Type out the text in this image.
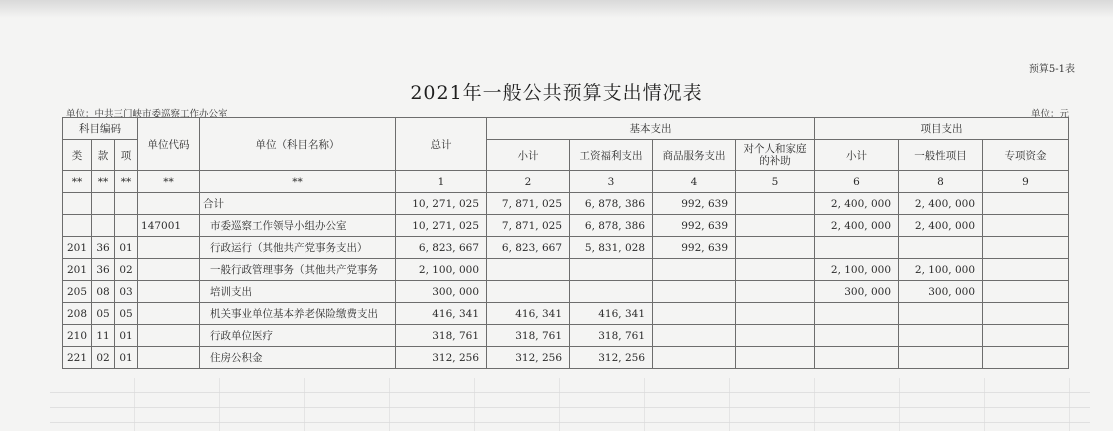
预算5-1表
2021年一般公共预算支出情况表
单位：中共三门峡市委巡察工作办公室	单位：元
科目编码			单位代码	单位（科目名称）	总计	基本支出				项目支出		
类	款	项				小计	工资福利支出	商品服务支出	对个人和家庭的补助	小计	一般性项目	专项资金
**	**	**	**	**	1	2	3	4	5	6	8	9
				合计	10, 271, 025	7, 871, 025	6, 878, 386	992, 639		2, 400, 000	2, 400, 000	
			147001	市委巡察工作领导小组办公室	10, 271, 025	7, 871, 025	6, 878, 386	992, 639		2, 400, 000	2, 400, 000	
201	36	01		行政运行（其他共产党事务支出）	6, 823, 667	6, 823, 667	5, 831, 028	992, 639				
201	36	02		一般行政管理事务（其他共产党事务	2, 100, 000					2, 100, 000	2, 100, 000	
205	08	03		培训支出	300, 000					300, 000	300, 000	
208	05	05		机关事业单位基本养老保险缴费支出	416, 341	416, 341	416, 341					
210	11	01		行政单位医疗	318, 761	318, 761	318, 761					
221	02	01		住房公积金	312, 256	312, 256	312, 256					
